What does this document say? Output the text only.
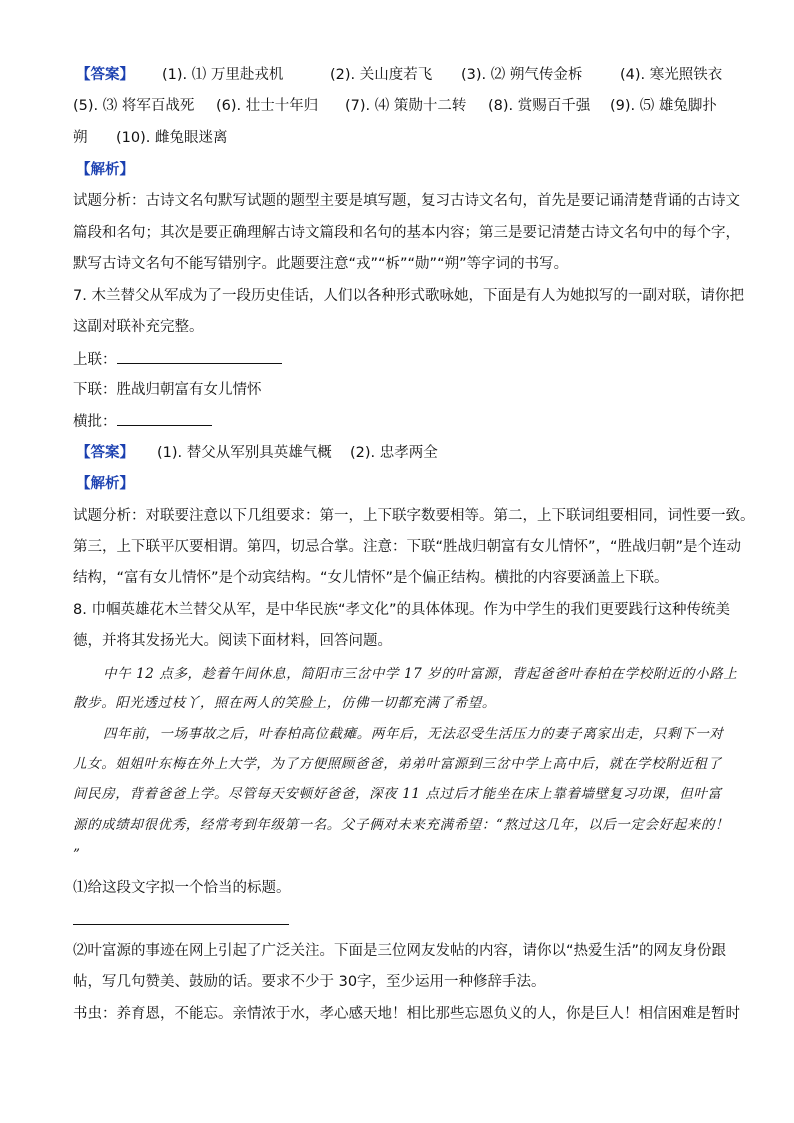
【答案】 (1). ⑴ 万里赴戎机	(2). 关山度若飞 (3). ⑵ 朔气传金柝	(4). 寒光照铁衣
(5). ⑶ 将军百战死 (6). 壮士十年归 (7). ⑷ 策勋十二转 (8). 赏赐百千强 (9). ⑸ 雄兔脚扑
朔 (10). 雌兔眼迷离
【解析】
试题分析：古诗文名句默写试题的题型主要是填写题，复习古诗文名句，首先是要记诵清楚背诵的古诗文
篇段和名句；其次是要正确理解古诗文篇段和名句的基本内容；第三是要记清楚古诗文名句中的每个字，
默写古诗文名句不能写错别字。此题要注意“戎”“柝”“勋”“朔”等字词的书写。
7. 木兰替父从军成为了一段历史佳话，人们以各种形式歌咏她，下面是有人为她拟写的一副对联，请你把
这副对联补充完整。
上联：
下联：胜战归朝富有女儿情怀
横批：
【答案】 (1). 替父从军别具英雄气概 (2). 忠孝两全
【解析】
试题分析：对联要注意以下几组要求：第一，上下联字数要相等。第二，上下联词组要相同，词性要一致。
第三，上下联平仄要相谓。第四，切忌合掌。注意：下联“胜战归朝富有女儿情怀”，“胜战归朝”是个连动
结构，“富有女儿情怀”是个动宾结构。“女儿情怀”是个偏正结构。横批的内容要涵盖上下联。
8. 巾帼英雄花木兰替父从军，是中华民族“孝文化”的具体体现。作为中学生的我们更要践行这种传统美
德，并将其发扬光大。阅读下面材料，回答问题。
中午 12 点多，趁着午间休息，简阳市三岔中学 17 岁的叶富源，背起爸爸叶春柏在学校附近的小路上
散步。阳光透过枝丫，照在两人的笑脸上，仿佛一切都充满了希望。
四年前，一场事故之后，叶春柏高位截瘫。两年后，无法忍受生活压力的妻子离家出走，只剩下一对
儿女。姐姐叶东梅在外上大学，为了方便照顾爸爸，弟弟叶富源到三岔中学上高中后，就在学校附近租了
间民房，背着爸爸上学。尽管每天安顿好爸爸，深夜 11 点过后才能坐在床上靠着墙壁复习功课，但叶富
源的成绩却很优秀，经常考到年级第一名。父子俩对未来充满希望：“熬过这几年，以后一定会好起来的！
”
⑴给这段文字拟一个恰当的标题。
⑵叶富源的事迹在网上引起了广泛关注。下面是三位网友发帖的内容，请你以“热爱生活”的网友身份跟
帖，写几句赞美、鼓励的话。要求不少于 30字，至少运用一种修辞手法。
书虫：养育恩，不能忘。亲情浓于水，孝心感天地！相比那些忘恩负义的人，你是巨人！相信困难是暂时
